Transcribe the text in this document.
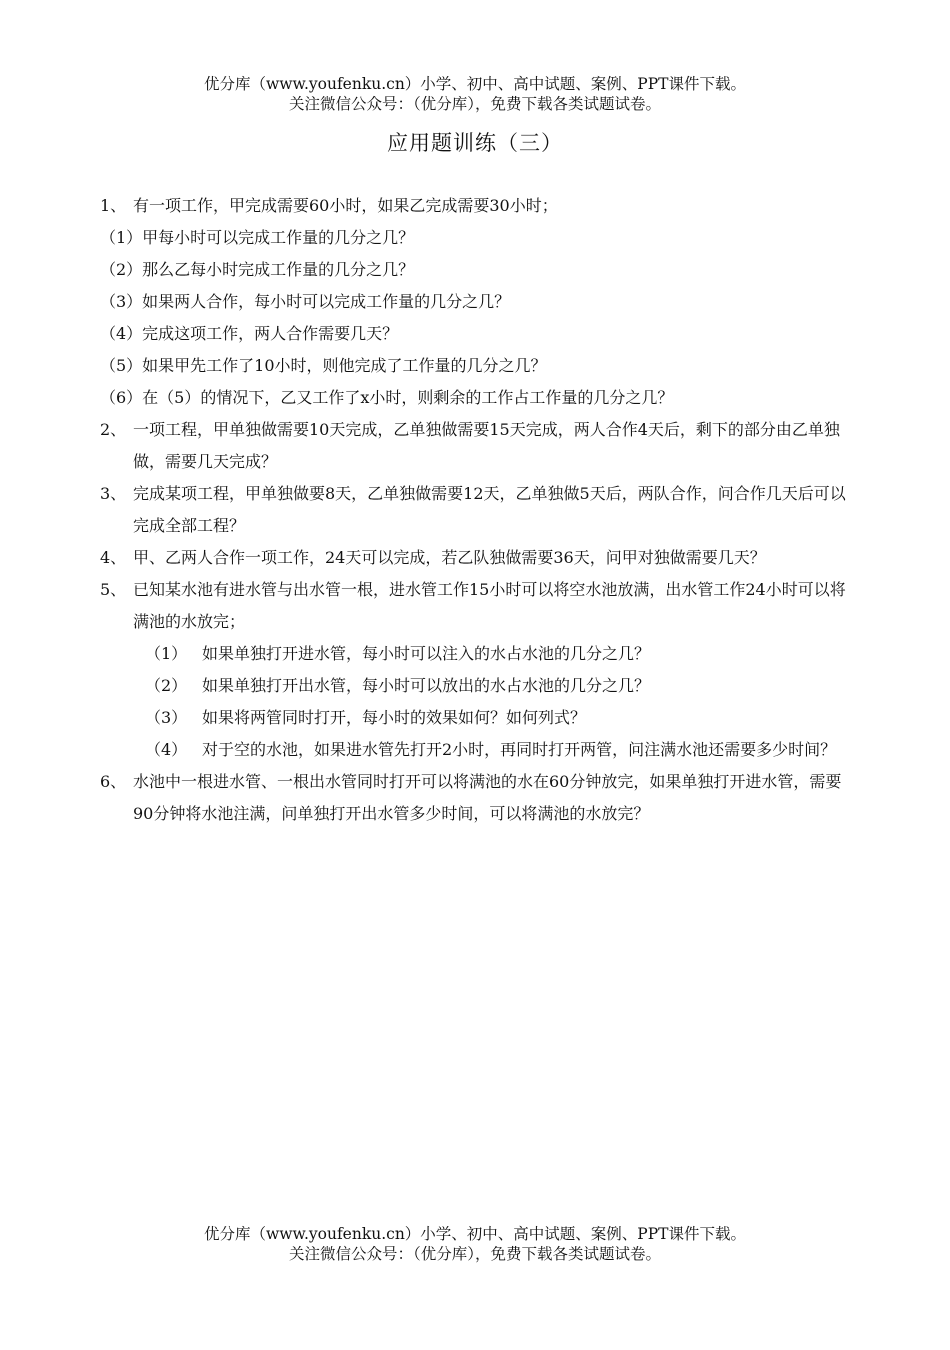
优分库（www.youfenku.cn）小学、初中、高中试题、案例、PPT课件下载。
关注微信公众号：（优分库），免费下载各类试题试卷。
应用题训练（三）
1、 有一项工作，甲完成需要60小时，如果乙完成需要30小时；
（1）甲每小时可以完成工作量的几分之几？
（2）那么乙每小时完成工作量的几分之几？
（3）如果两人合作，每小时可以完成工作量的几分之几？
（4）完成这项工作，两人合作需要几天？
（5）如果甲先工作了10小时，则他完成了工作量的几分之几？
（6）在（5）的情况下，乙又工作了x小时，则剩余的工作占工作量的几分之几？
2、 一项工程，甲单独做需要10天完成，乙单独做需要15天完成，两人合作4天后，剩下的部分由乙单独做，需要几天完成？
3、 完成某项工程，甲单独做要8天，乙单独做需要12天，乙单独做5天后，两队合作，问合作几天后可以完成全部工程？
4、 甲、乙两人合作一项工作，24天可以完成，若乙队独做需要36天，问甲对独做需要几天？
5、 已知某水池有进水管与出水管一根，进水管工作15小时可以将空水池放满，出水管工作24小时可以将满池的水放完；
（1） 如果单独打开进水管，每小时可以注入的水占水池的几分之几？
（2） 如果单独打开出水管，每小时可以放出的水占水池的几分之几？
（3） 如果将两管同时打开，每小时的效果如何？如何列式？
（4） 对于空的水池，如果进水管先打开2小时，再同时打开两管，问注满水池还需要多少时间？
6、 水池中一根进水管、一根出水管同时打开可以将满池的水在60分钟放完，如果单独打开进水管，需要90分钟将水池注满，问单独打开出水管多少时间，可以将满池的水放完？
优分库（www.youfenku.cn）小学、初中、高中试题、案例、PPT课件下载。
关注微信公众号：（优分库），免费下载各类试题试卷。
